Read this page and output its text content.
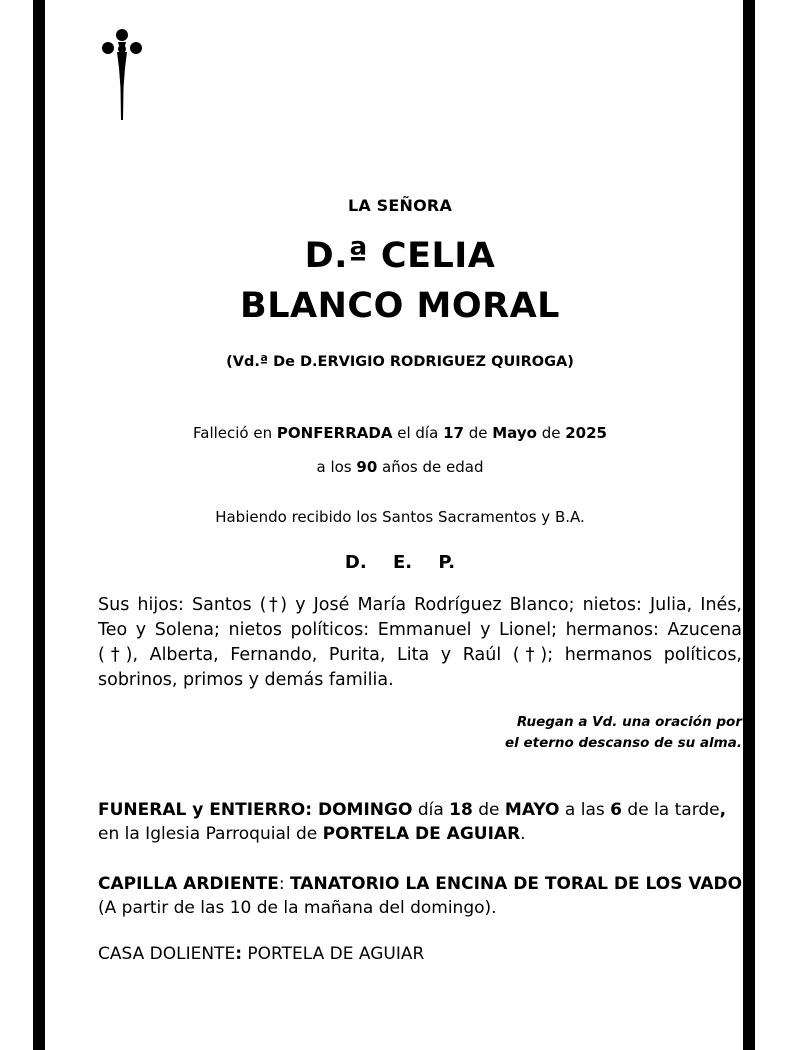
LA SEÑORA
D.ª CELIA
BLANCO MORAL
(Vd.ª De D.ERVIGIO RODRIGUEZ QUIROGA)
Falleció en PONFERRADA el día 17 de Mayo de 2025
a los 90 años de edad
Habiendo recibido los Santos Sacramentos y B.A.
D. E. P.
Sus hijos: Santos (†) y José María Rodríguez Blanco; nietos: Julia, Inés, Teo y Solena; nietos políticos: Emmanuel y Lionel; hermanos: Azucena (†), Alberta, Fernando, Purita, Lita y Raúl (†); hermanos políticos, sobrinos, primos y demás familia.
Ruegan a Vd. una oración por
el eterno descanso de su alma.
FUNERAL y ENTIERRO: DOMINGO día 18 de MAYO a las 6 de la tarde,
en la Iglesia Parroquial de PORTELA DE AGUIAR.
CAPILLA ARDIENTE: TANATORIO LA ENCINA DE TORAL DE LOS VADOS
(A partir de las 10 de la mañana del domingo).
CASA DOLIENTE: PORTELA DE AGUIAR
